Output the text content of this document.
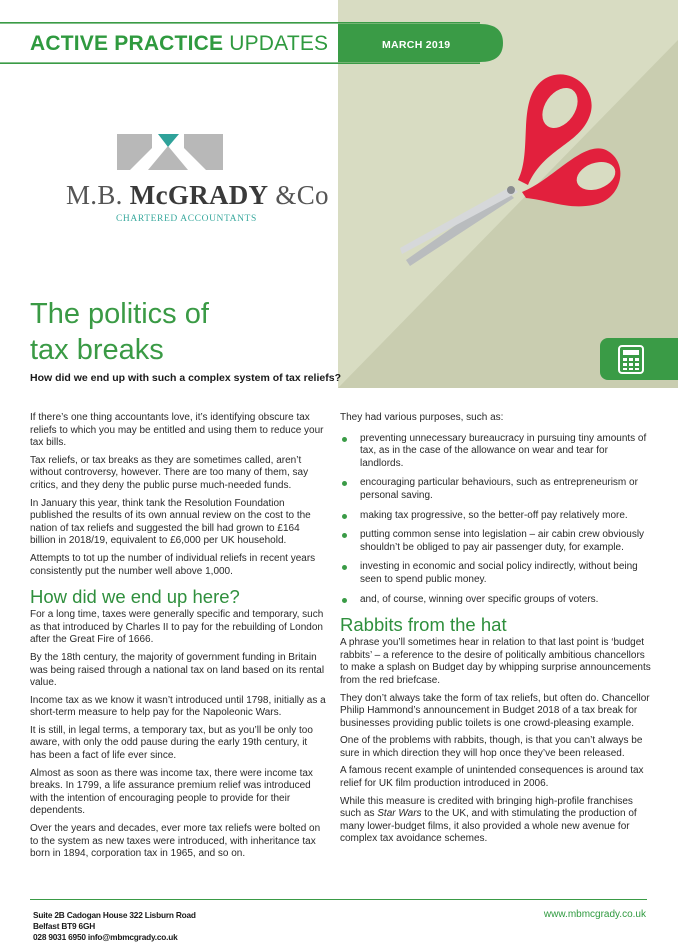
ACTIVE PRACTICE UPDATES	MARCH 2019
M.B. McGRADY &Co
CHARTERED ACCOUNTANTS
The politics of
tax breaks
How did we end up with such a complex system of tax reliefs?

If there’s one thing accountants love, it’s identifying obscure tax reliefs to which you may be entitled and using them to reduce your tax bills.

Tax reliefs, or tax breaks as they are sometimes called, aren’t without controversy, however. There are too many of them, say critics, and they deny the public purse much-needed funds.

In January this year, think tank the Resolution Foundation published the results of its own annual review on the cost to the nation of tax reliefs and suggested the bill had grown to £164 billion in 2018/19, equivalent to £6,000 per UK household.

Attempts to tot up the number of individual reliefs in recent years consistently put the number well above 1,000.

How did we end up here?

For a long time, taxes were generally specific and temporary, such as that introduced by Charles II to pay for the rebuilding of London after the Great Fire of 1666.

By the 18th century, the majority of government funding in Britain was being raised through a national tax on land based on its rental value.

Income tax as we know it wasn’t introduced until 1798, initially as a short-term measure to help pay for the Napoleonic Wars.

It is still, in legal terms, a temporary tax, but as you’ll be only too aware, with only the odd pause during the early 19th century, it has been a fact of life ever since.

Almost as soon as there was income tax, there were income tax breaks. In 1799, a life assurance premium relief was introduced with the intention of encouraging people to provide for their dependents.

Over the years and decades, ever more tax reliefs were bolted on to the system as new taxes were introduced, with inheritance tax born in 1894, corporation tax in 1965, and so on.

They had various purposes, such as:

preventing unnecessary bureaucracy in pursuing tiny amounts of tax, as in the case of the allowance on wear and tear for landlords.
encouraging particular behaviours, such as entrepreneurism or personal saving.
making tax progressive, so the better-off pay relatively more.
putting common sense into legislation – air cabin crew obviously shouldn’t be obliged to pay air passenger duty, for example.
investing in economic and social policy indirectly, without being seen to spend public money.
and, of course, winning over specific groups of voters.
Rabbits from the hat

A phrase you’ll sometimes hear in relation to that last point is ‘budget rabbits’ – a reference to the desire of politically ambitious chancellors to make a splash on Budget day by whipping surprise announcements from the red briefcase.

They don’t always take the form of tax reliefs, but often do. Chancellor Philip Hammond’s announcement in Budget 2018 of a tax break for businesses providing public toilets is one crowd-pleasing example.

One of the problems with rabbits, though, is that you can’t always be sure in which direction they will hop once they’ve been released.

A famous recent example of unintended consequences is around tax relief for UK film production introduced in 2006.

While this measure is credited with bringing high-profile franchises such as Star Wars to the UK, and with stimulating the production of many lower-budget films, it also provided a whole new avenue for complex tax avoidance schemes.

Suite 2B Cadogan House 322 Lisburn Road
Belfast BT9 6GH
028 9031 6950 info@mbmcgrady.co.uk
www.mbmcgrady.co.uk
